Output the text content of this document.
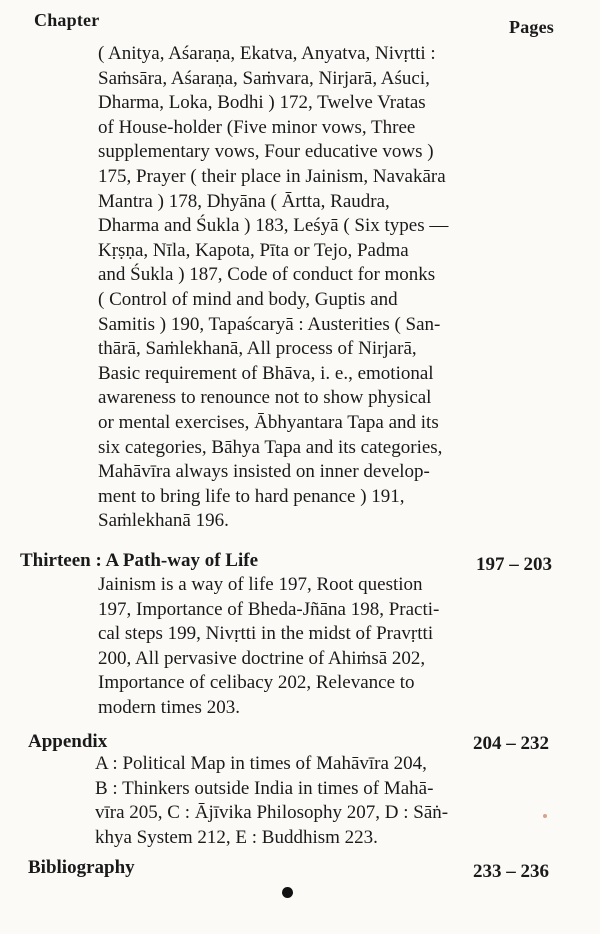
Chapter	Pages
( Anitya, Aśaraṇa, Ekatva, Anyatva, Nivṛtti :
Saṁsāra, Aśaraṇa, Saṁvara, Nirjarā, Aśuci,
Dharma, Loka, Bodhi ) 172, Twelve Vratas
of House-holder (Five minor vows, Three
supplementary vows, Four educative vows )
175, Prayer ( their place in Jainism, Navakāra
Mantra ) 178, Dhyāna ( Ārtta, Raudra,
Dharma and Śukla ) 183, Leśyā ( Six types —
Kṛṣṇa, Nīla, Kapota, Pīta or Tejo, Padma
and Śukla ) 187, Code of conduct for monks
( Control of mind and body, Guptis and
Samitis ) 190, Tapaścaryā : Austerities ( San-
thārā, Saṁlekhanā, All process of Nirjarā,
Basic requirement of Bhāva, i. e., emotional
awareness to renounce not to show physical
or mental exercises, Ābhyantara Tapa and its
six categories, Bāhya Tapa and its categories,
Mahāvīra always insisted on inner develop-
ment to bring life to hard penance ) 191,
Saṁlekhanā 196.
Thirteen : A Path-way of Life	197 – 203
Jainism is a way of life 197, Root question
197, Importance of Bheda-Jñāna 198, Practi-
cal steps 199, Nivṛtti in the midst of Pravṛtti
200, All pervasive doctrine of Ahiṁsā 202,
Importance of celibacy 202, Relevance to
modern times 203.
Appendix	204 – 232
A : Political Map in times of Mahāvīra 204,
B : Thinkers outside India in times of Mahā-
vīra 205, C : Ājīvika Philosophy 207, D : Sāṅ-
khya System 212, E : Buddhism 223.
Bibliography	233 – 236
